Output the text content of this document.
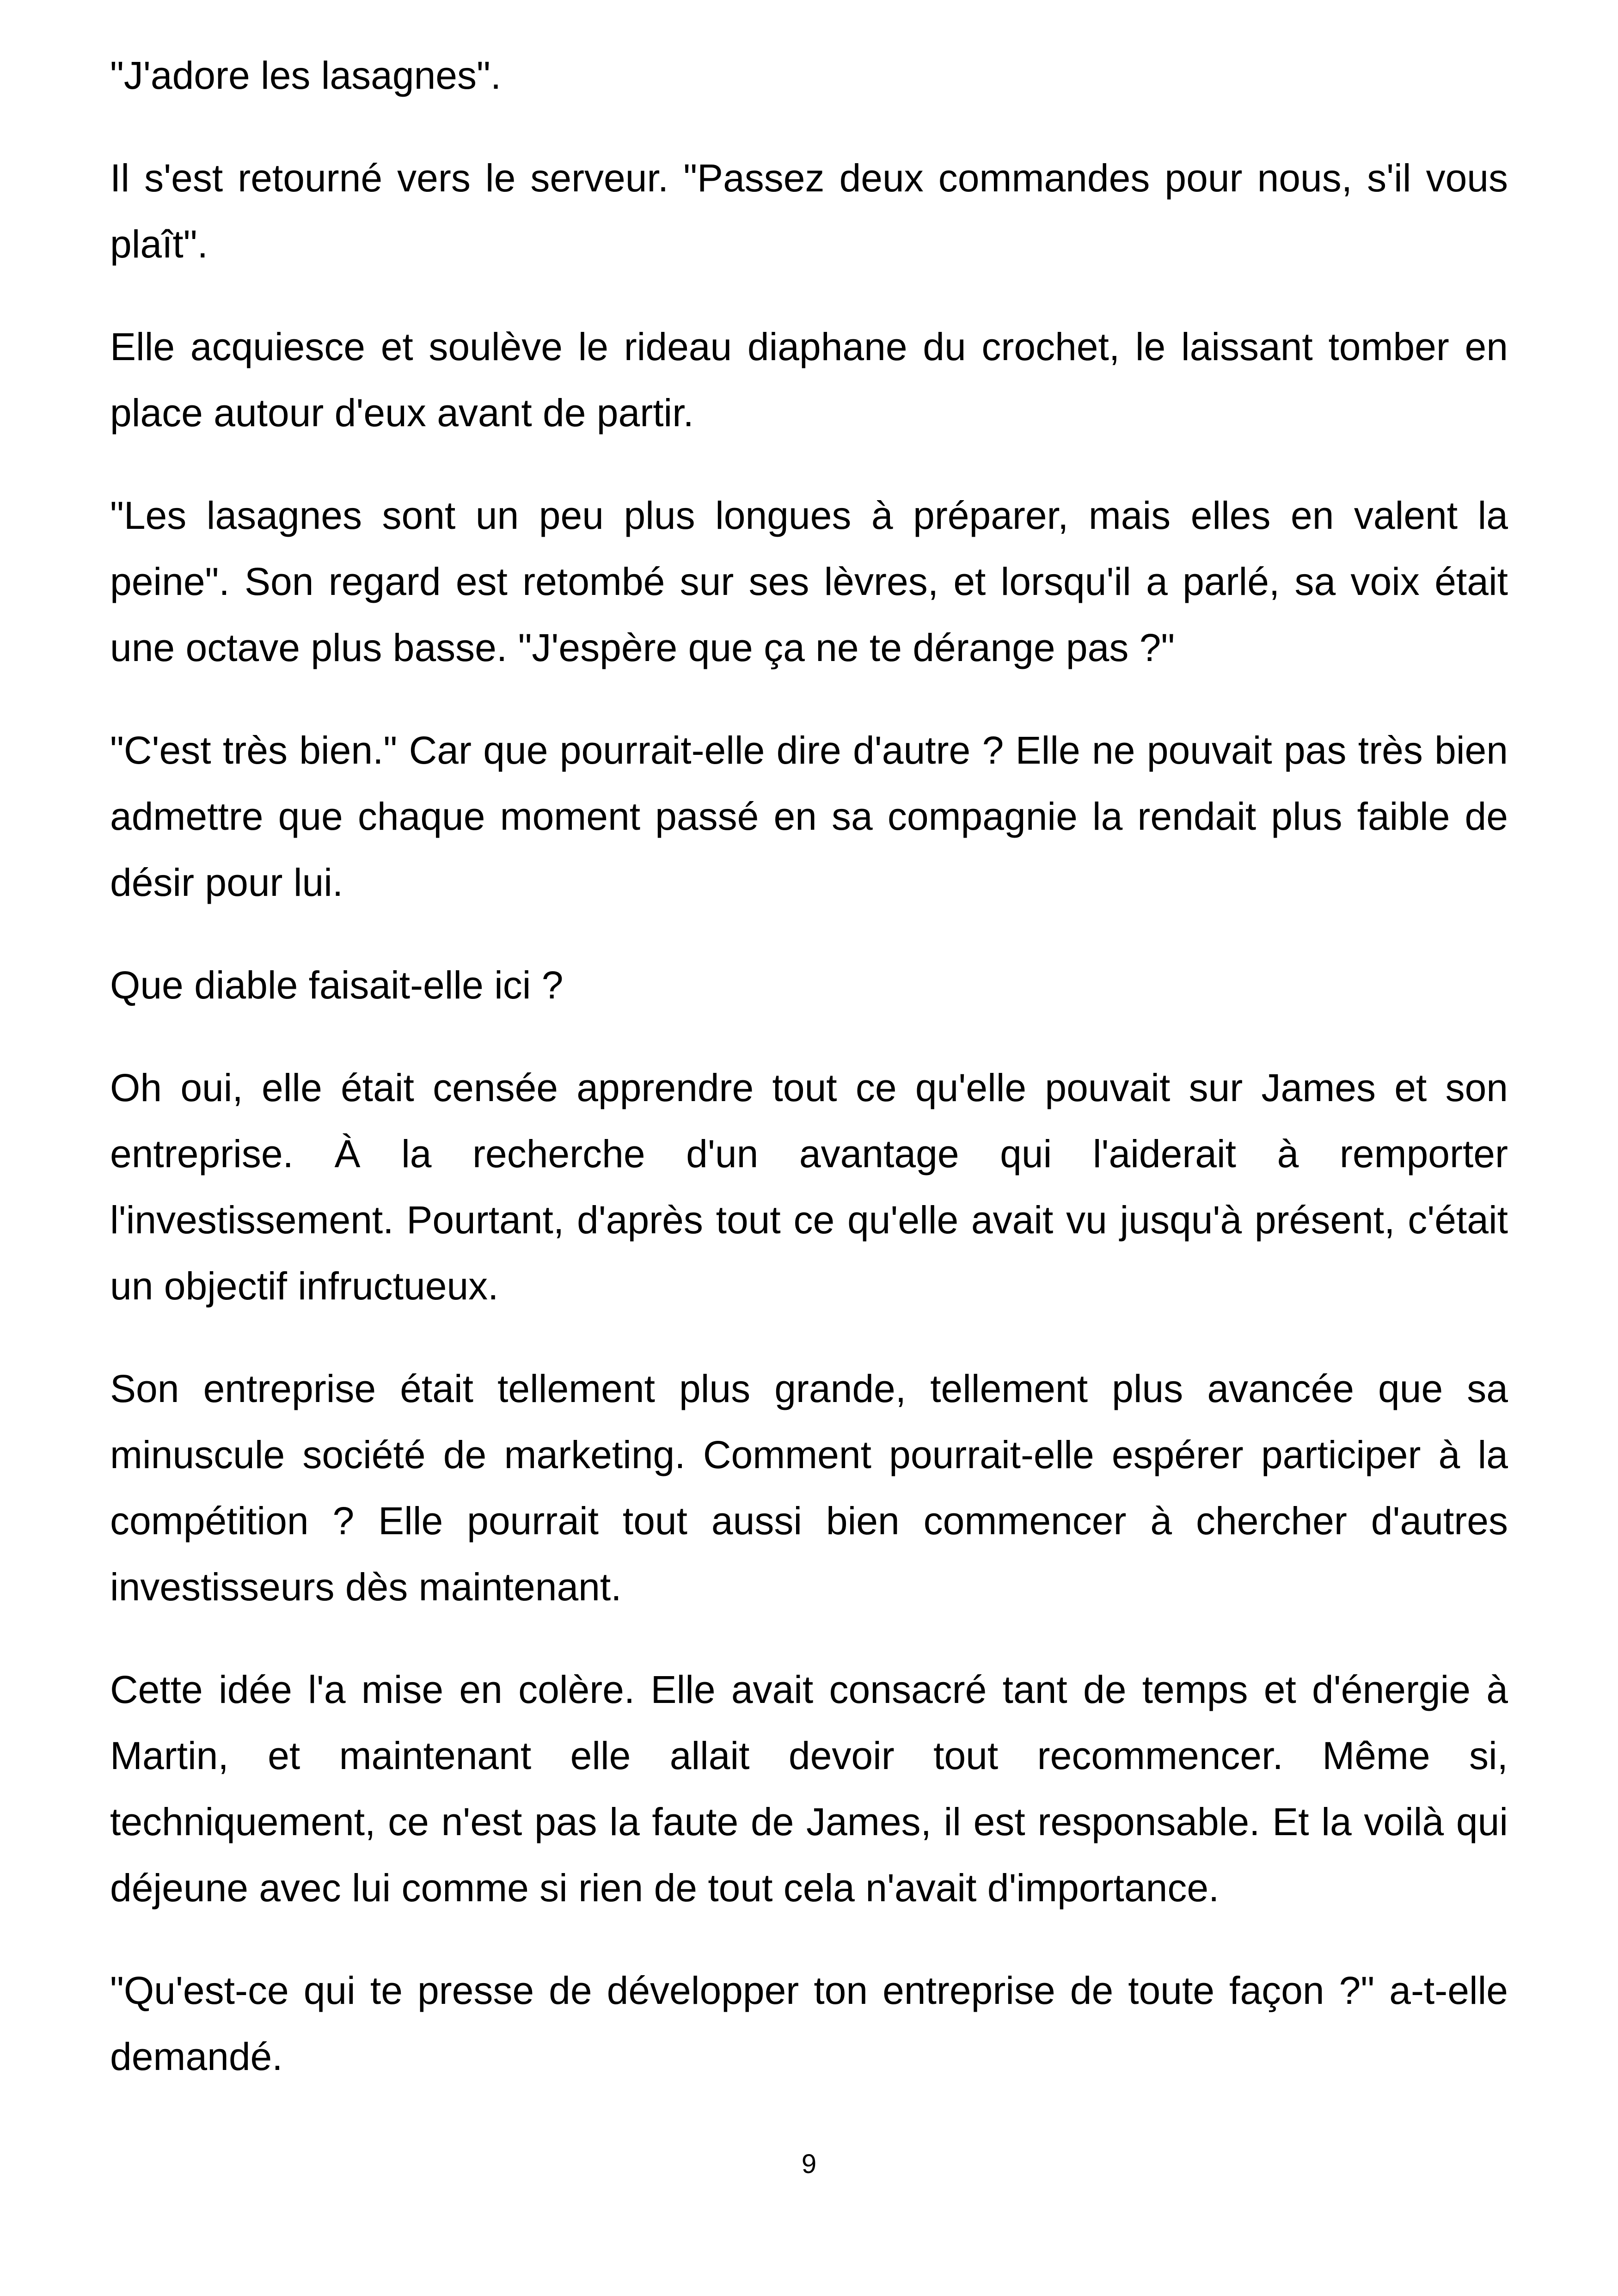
"J'adore les lasagnes".

Il s'est retourné vers le serveur. "Passez deux commandes pour nous, s'il vous plaît".

Elle acquiesce et soulève le rideau diaphane du crochet, le laissant tomber en place autour d'eux avant de partir.

"Les lasagnes sont un peu plus longues à préparer, mais elles en valent la peine". Son regard est retombé sur ses lèvres, et lorsqu'il a parlé, sa voix était une octave plus basse. "J'espère que ça ne te dérange pas ?"

"C'est très bien." Car que pourrait-elle dire d'autre ? Elle ne pouvait pas très bien admettre que chaque moment passé en sa compagnie la rendait plus faible de désir pour lui.

Que diable faisait-elle ici ?

Oh oui, elle était censée apprendre tout ce qu'elle pouvait sur James et son entreprise. À la recherche d'un avantage qui l'aiderait à remporter l'investissement. Pourtant, d'après tout ce qu'elle avait vu jusqu'à présent, c'était un objectif infructueux.

Son entreprise était tellement plus grande, tellement plus avancée que sa minuscule société de marketing. Comment pourrait-elle espérer participer à la compétition ? Elle pourrait tout aussi bien commencer à chercher d'autres investisseurs dès maintenant.

Cette idée l'a mise en colère. Elle avait consacré tant de temps et d'énergie à Martin, et maintenant elle allait devoir tout recommencer. Même si, techniquement, ce n'est pas la faute de James, il est responsable. Et la voilà qui déjeune avec lui comme si rien de tout cela n'avait d'importance.

"Qu'est-ce qui te presse de développer ton entreprise de toute façon ?" a-t-elle demandé.

9
